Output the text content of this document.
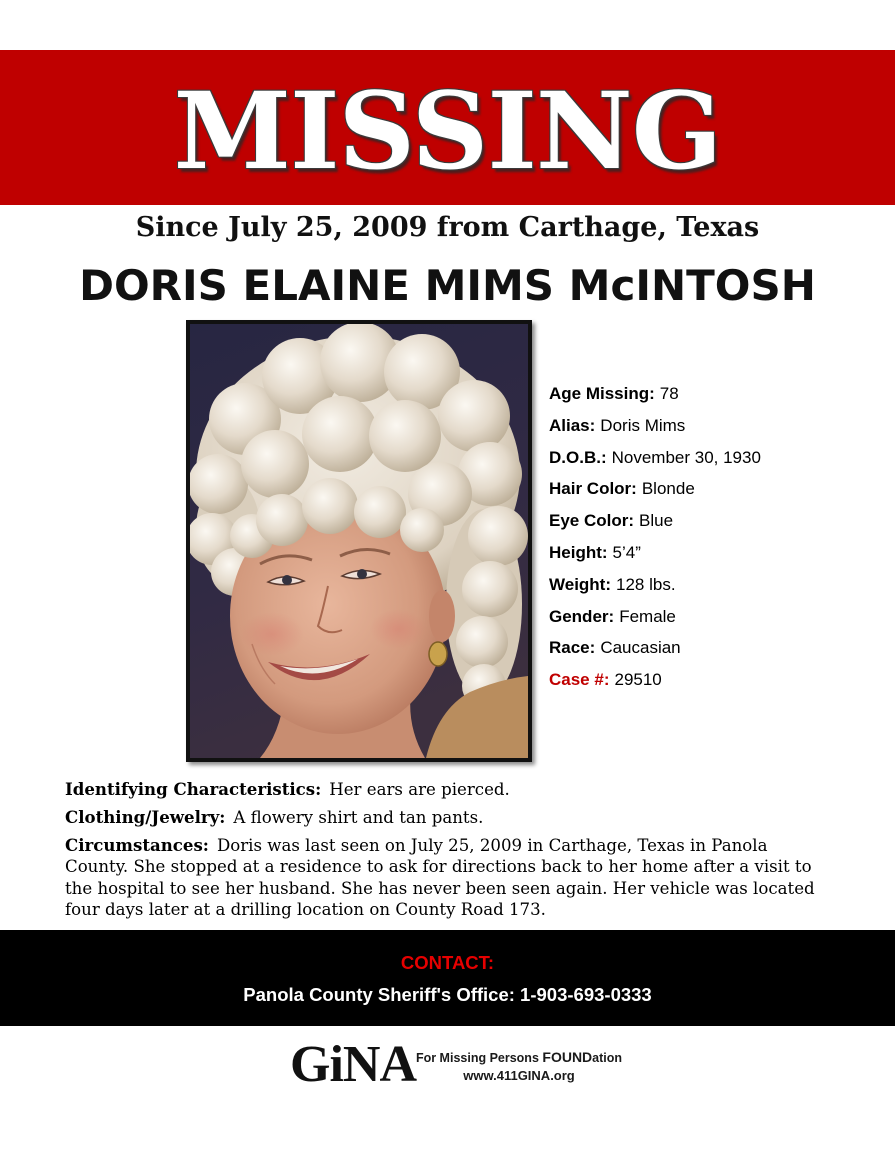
MISSING
Since July 25, 2009 from Carthage, Texas
DORIS ELAINE MIMS McINTOSH
Age Missing: 78
Alias: Doris Mims
D.O.B.: November 30, 1930
Hair Color: Blonde
Eye Color: Blue
Height: 5’4”
Weight: 128 lbs.
Gender: Female
Race: Caucasian
Case #: 29510
Identifying Characteristics: Her ears are pierced.
Clothing/Jewelry: A flowery shirt and tan pants.
Circumstances: Doris was last seen on July 25, 2009 in Carthage, Texas in Panola
County. She stopped at a residence to ask for directions back to her home after a visit to
the hospital to see her husband. She has never been seen again. Her vehicle was located
four days later at a drilling location on County Road 173.
CONTACT:
Panola County Sheriff's Office: 1-903-693-0333
GiNA For Missing Persons FOUNDation
www.411GINA.org
